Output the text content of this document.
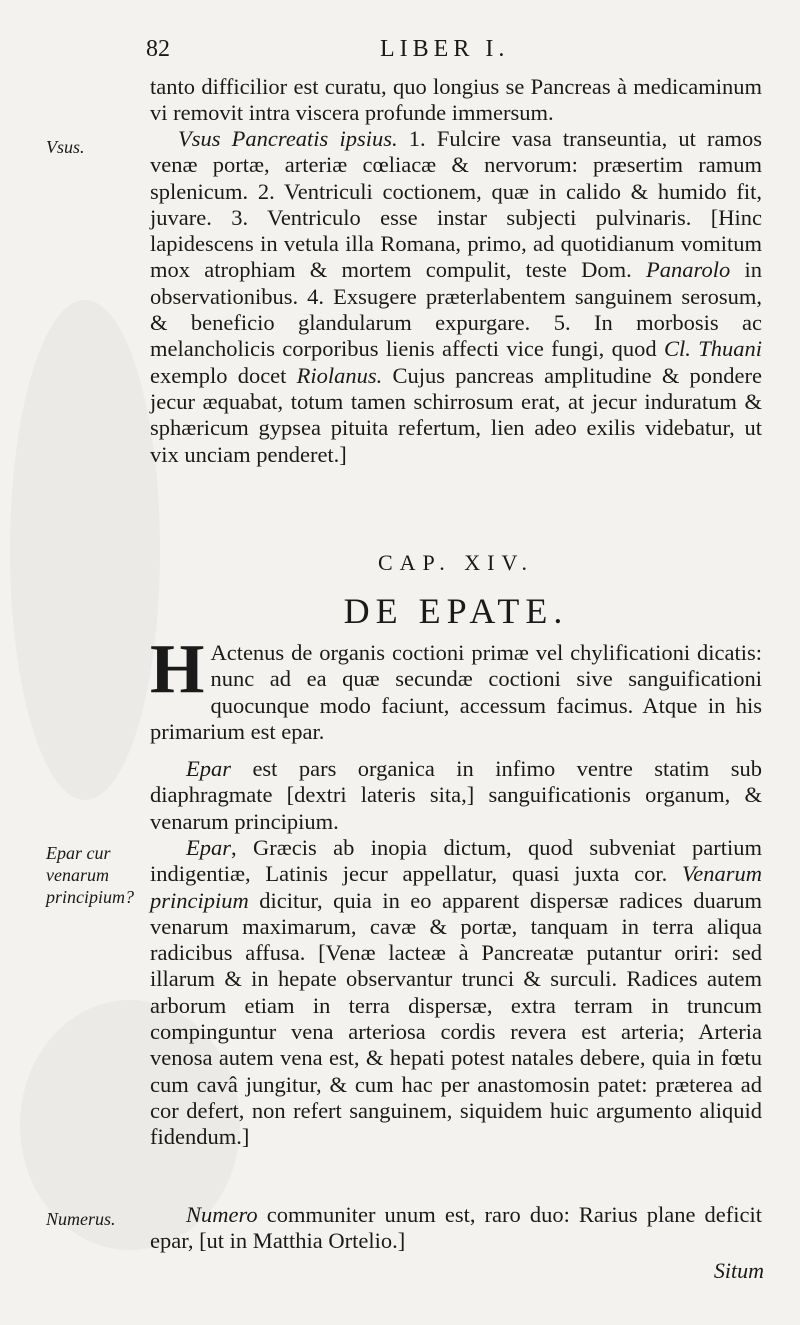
82	LIBER I.

tanto difficilior est curatu, quo longius se Pancreas à medicaminum vi removit intra viscera profunde immersum.

Vsus.	Vsus Pancreatis ipsius. 1. Fulcire vasa transeuntia, ut ramos venæ portæ, arteriæ cœliacæ & nervorum: præsertim ramum splenicum. 2. Ventriculi coctionem, quæ in calido & humido fit, juvare. 3. Ventriculo esse instar subjecti pulvinaris. [Hinc lapidescens in vetula illa Romana, primo, ad quotidianum vomitum mox atrophiam & mortem compulit, teste Dom. Panarolo in observationibus. 4. Exsugere præterlabentem sanguinem serosum, & beneficio glandularum expurgare. 5. In morbosis ac melancholicis corporibus lienis affecti vice fungi, quod Cl. Thuani exemplo docet Riolanus. Cujus pancreas amplitudine & pondere jecur æquabat, totum tamen schirrosum erat, at jecur induratum & sphæricum gypsea pituita refertum, lien adeo exilis videbatur, ut vix unciam penderet.]

CAP. XIV.
DE EPATE.
H Actenus de organis coctioni primæ vel chylificationi dicatis: nunc ad ea quæ secundæ coctioni sive sanguificationi quocunque modo faciunt, accessum facimus. Atque in his primarium est epar.

Epar est pars organica in infimo ventre statim sub diaphragmate [dextri lateris sita,] sanguificationis organum, & venarum principium.

Epar cur venarum principium?

Epar, Græcis ab inopia dictum, quod subveniat partium indigentiæ, Latinis jecur appellatur, quasi juxta cor. Venarum principium dicitur, quia in eo apparent dispersæ radices duarum venarum maximarum, cavæ & portæ, tanquam in terra aliqua radicibus affusa. [Venæ lacteæ à Pancreatæ putantur oriri: sed illarum & in hepate observantur trunci & surculi. Radices autem arborum etiam in terra dispersæ, extra terram in truncum compinguntur vena arteriosa cordis revera est arteria; Arteria venosa autem vena est, & hepati potest natales debere, quia in fœtu cum cavâ jungitur, & cum hac per anastomosin patet: præterea ad cor defert, non refert sanguinem, siquidem huic argumento aliquid fidendum.]

Numerus.	Numero communiter unum est, raro duo: Rarius plane deficit epar, [ut in Matthia Ortelio.]

Situm
